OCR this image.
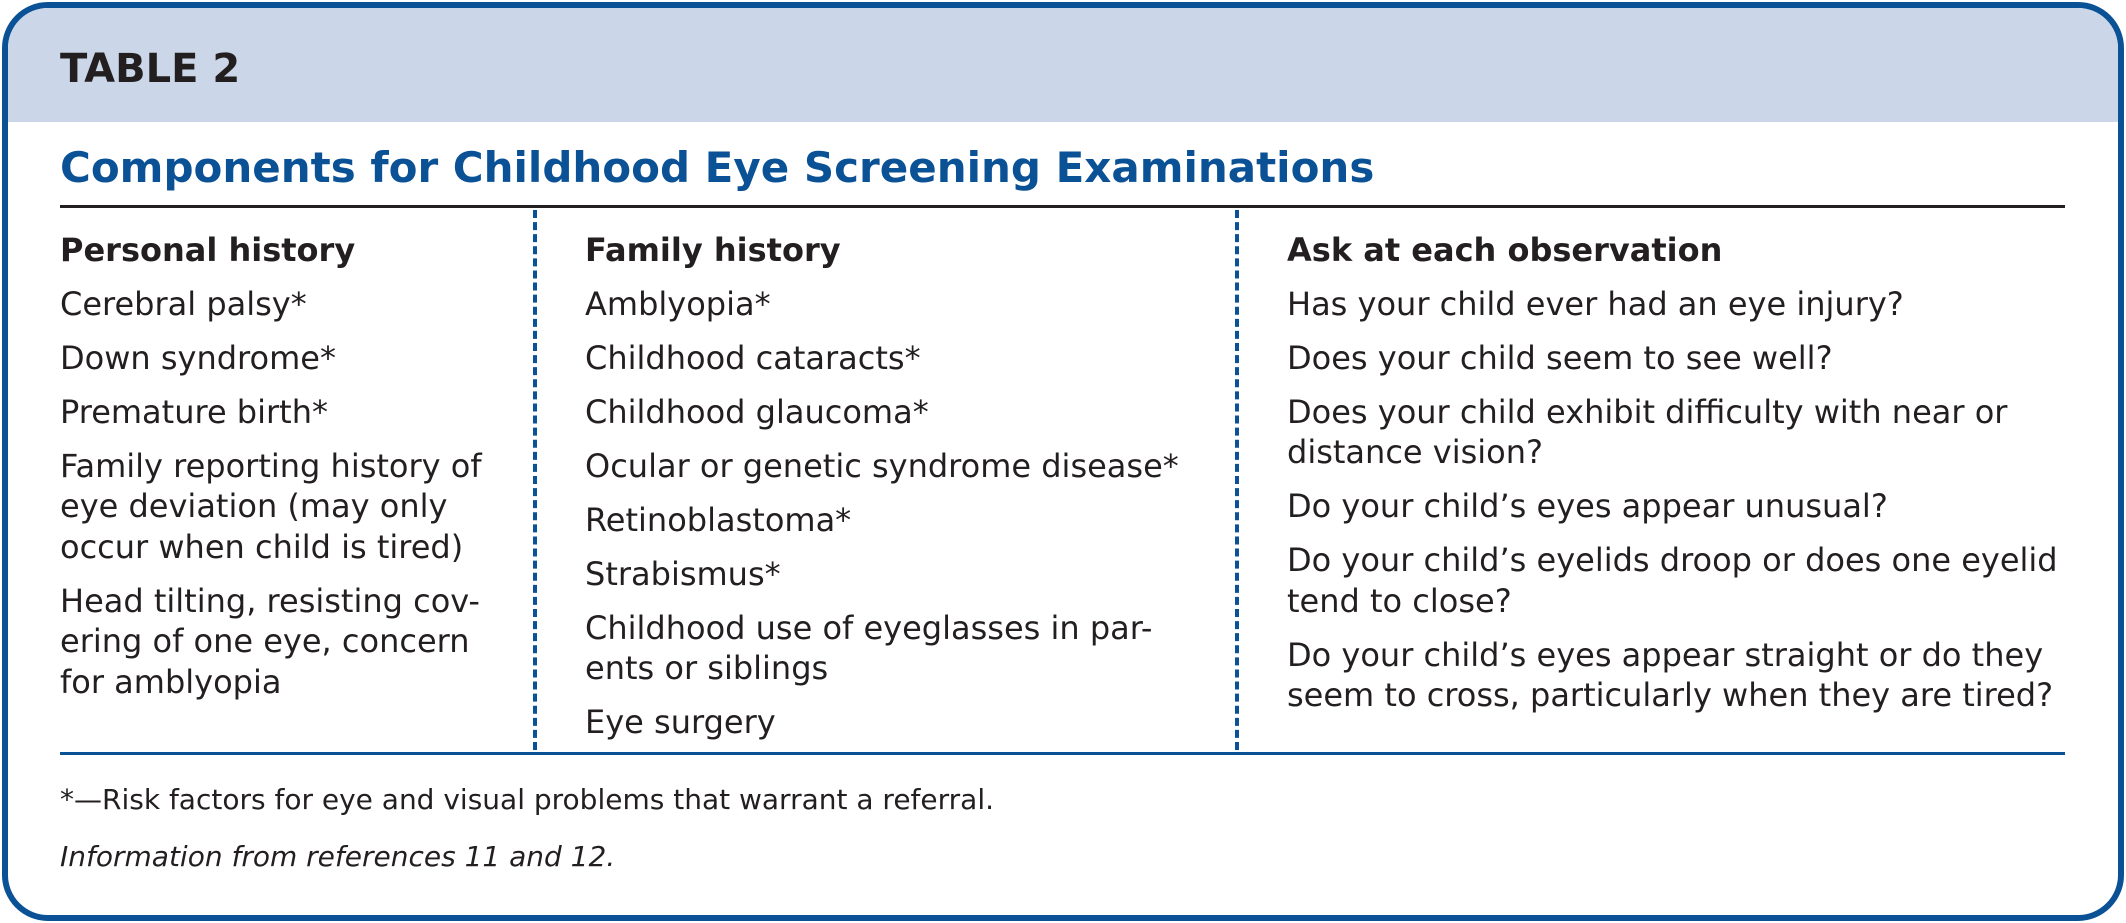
TABLE 2
Components for Childhood Eye Screening Examinations
Personal history
Cerebral palsy*
Down syndrome*
Premature birth*
Family reporting history of eye deviation (may only occur when child is tired)
Head tilting, resisting cov-ering of one eye, concern for amblyopia
Family history
Amblyopia*
Childhood cataracts*
Childhood glaucoma*
Ocular or genetic syndrome disease*
Retinoblastoma*
Strabismus*
Childhood use of eyeglasses in par-ents or siblings
Eye surgery
Ask at each observation
Has your child ever had an eye injury?
Does your child seem to see well?
Does your child exhibit difficulty with near or distance vision?
Do your child’s eyes appear unusual?
Do your child’s eyelids droop or does one eyelid tend to close?
Do your child’s eyes appear straight or do they seem to cross, particularly when they are tired?
*—Risk factors for eye and visual problems that warrant a referral.
Information from references 11 and 12.
